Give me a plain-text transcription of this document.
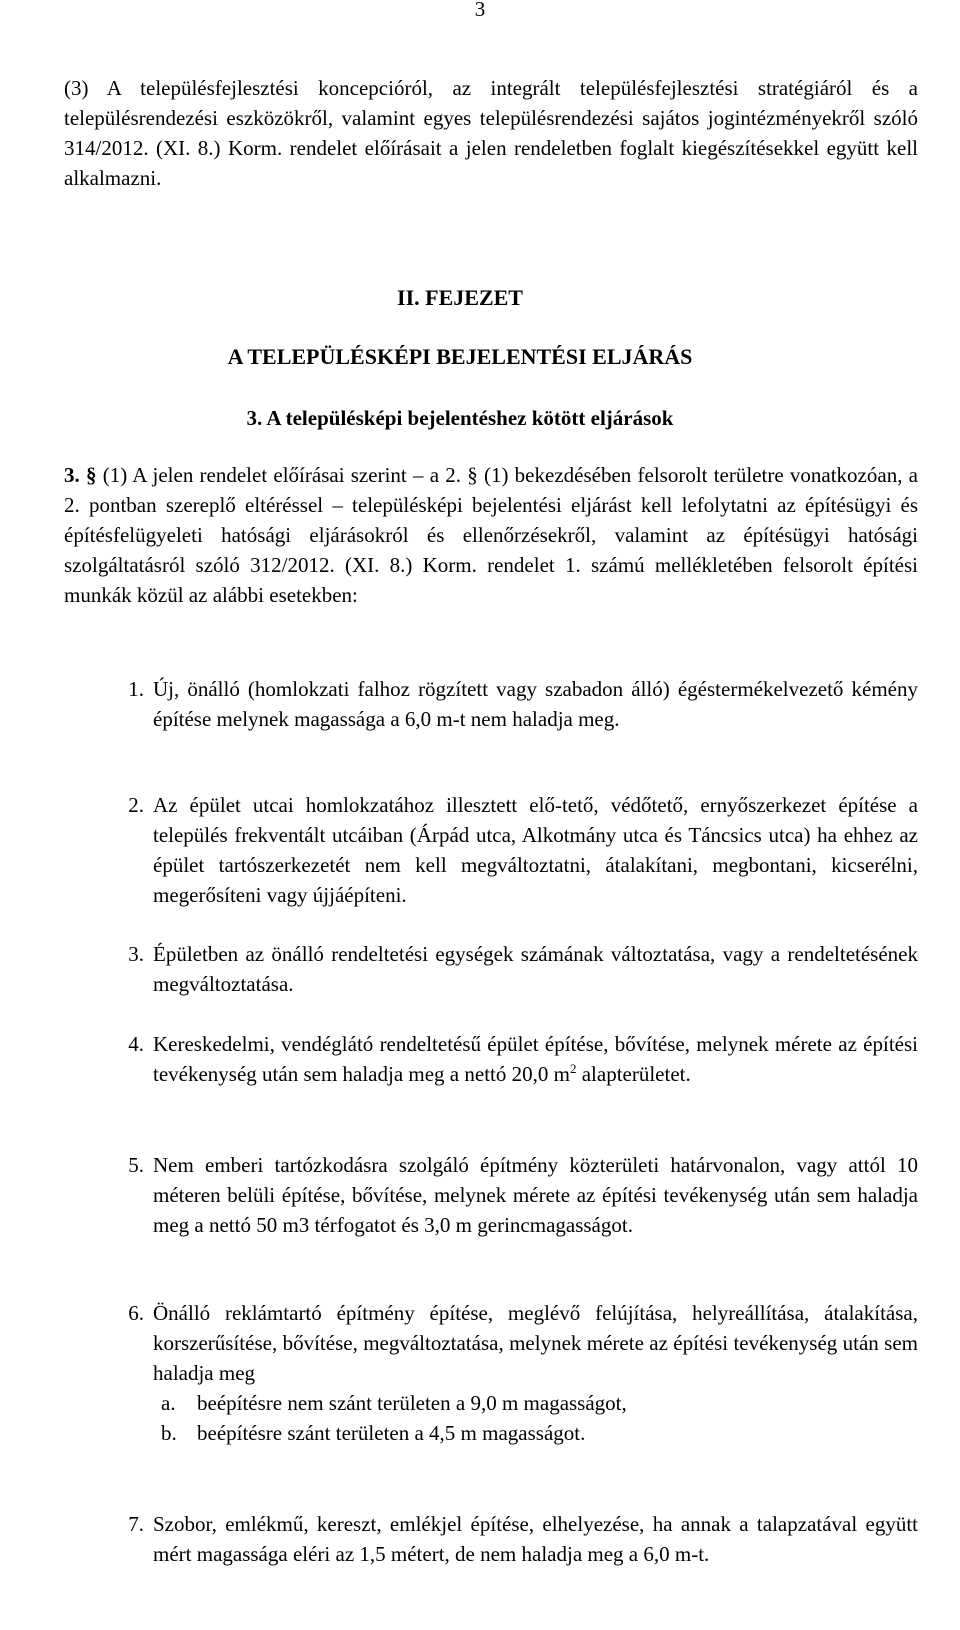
3
(3) A településfejlesztési koncepcióról, az integrált településfejlesztési stratégiáról és a településrendezési eszközökről, valamint egyes településrendezési sajátos jogintézményekről szóló 314/2012. (XI. 8.) Korm. rendelet előírásait a jelen rendeletben foglalt kiegészítésekkel együtt kell alkalmazni.
II. FEJEZET
A TELEPÜLÉSKÉPI BEJELENTÉSI ELJÁRÁS
3. A településképi bejelentéshez kötött eljárások
3. § (1) A jelen rendelet előírásai szerint – a 2. § (1) bekezdésében felsorolt területre vonatkozóan, a 2. pontban szereplő eltéréssel – településképi bejelentési eljárást kell lefolytatni az építésügyi és építésfelügyeleti hatósági eljárásokról és ellenőrzésekről, valamint az építésügyi hatósági szolgáltatásról szóló 312/2012. (XI. 8.) Korm. rendelet 1. számú mellékletében felsorolt építési munkák közül az alábbi esetekben:
1. Új, önálló (homlokzati falhoz rögzített vagy szabadon álló) égéstermékelvezető kémény építése melynek magassága a 6,0 m-t nem haladja meg.
2. Az épület utcai homlokzatához illesztett elő-tető, védőtető, ernyőszerkezet építése a település frekventált utcáiban (Árpád utca, Alkotmány utca és Táncsics utca) ha ehhez az épület tartószerkezetét nem kell megváltoztatni, átalakítani, megbontani, kicserélni, megerősíteni vagy újjáépíteni.
3. Épületben az önálló rendeltetési egységek számának változtatása, vagy a rendeltetésének megváltoztatása.
4. Kereskedelmi, vendéglátó rendeltetésű épület építése, bővítése, melynek mérete az építési tevékenység után sem haladja meg a nettó 20,0 $m^2$ alapterületet.
5. Nem emberi tartózkodásra szolgáló építmény közterületi határvonalon, vagy attól 10 méteren belüli építése, bővítése, melynek mérete az építési tevékenység után sem haladja meg a nettó 50 m3 térfogatot és 3,0 m gerincmagasságot.
6. Önálló reklámtartó építmény építése, meglévő felújítása, helyreállítása, átalakítása, korszerűsítése, bővítése, megváltoztatása, melynek mérete az építési tevékenység után sem haladja meg
a. beépítésre nem szánt területen a 9,0 m magasságot,
b. beépítésre szánt területen a 4,5 m magasságot.
7. Szobor, emlékmű, kereszt, emlékjel építése, elhelyezése, ha annak a talapzatával együtt mért magassága eléri az 1,5 métert, de nem haladja meg a 6,0 m-t.
